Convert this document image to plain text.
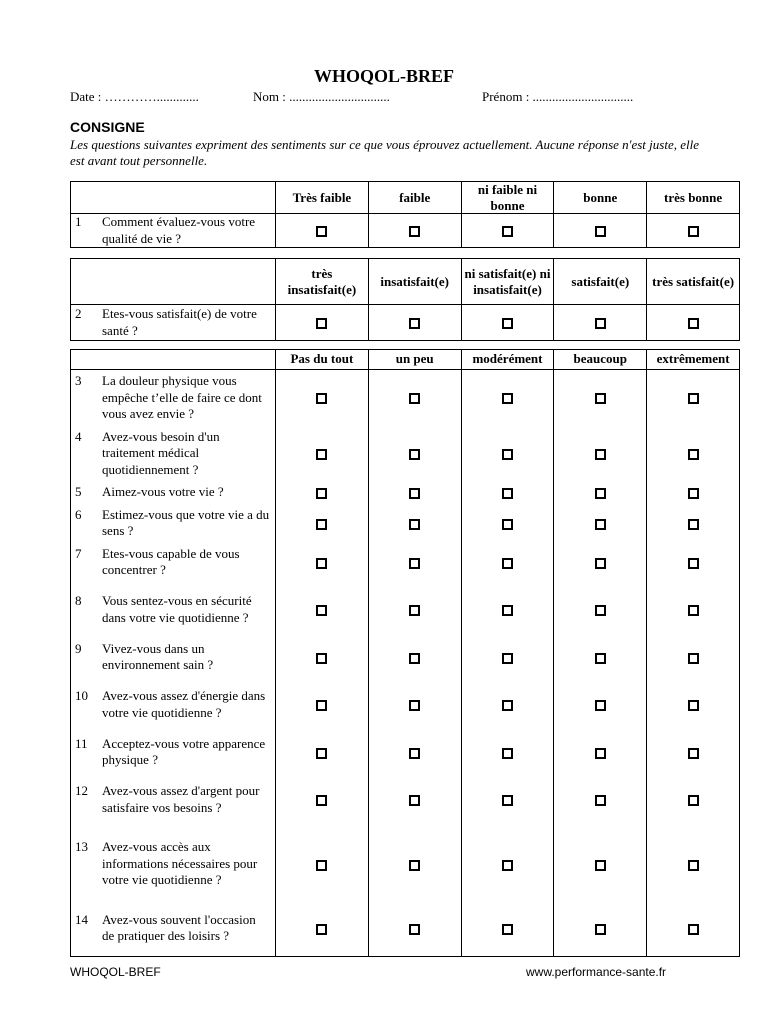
WHOQOL-BREF
Date : ………….............	Nom : ...............................	Prénom : ...............................
CONSIGNE
Les questions suivantes expriment des sentiments sur ce que vous éprouvez actuellement. Aucune réponse n'est juste, elle est avant tout personnelle.
	Très faible	faible	ni faible ni bonne	bonne	très bonne

1 Comment évaluez-vous votre qualité de vie ?					

	très insatisfait(e)	insatisfait(e)	ni satisfait(e) ni insatisfait(e)	satisfait(e)	très satisfait(e)

2 Etes-vous satisfait(e) de votre santé ?					

	Pas du tout	un peu	modérément	beaucoup	extrêmement

3 La douleur physique vous empêche t’elle de faire ce dont vous avez envie ?					

4 Avez-vous besoin d'un traitement médical quotidiennement ?					

5 Aimez-vous votre vie ?					

6 Estimez-vous que votre vie a du sens ?					

7 Etes-vous capable de vous concentrer ?					

8 Vous sentez-vous en sécurité dans votre vie quotidienne ?					

9 Vivez-vous dans un environnement sain ?					

10 Avez-vous assez d'énergie dans votre vie quotidienne ?					

11 Acceptez-vous votre apparence physique ?					

12 Avez-vous assez d'argent pour satisfaire vos besoins ?					

13 Avez-vous accès aux informations nécessaires pour votre vie quotidienne ?					

14 Avez-vous souvent l'occasion de pratiquer des loisirs ?					

WHOQOL-BREF	www.performance-sante.fr
